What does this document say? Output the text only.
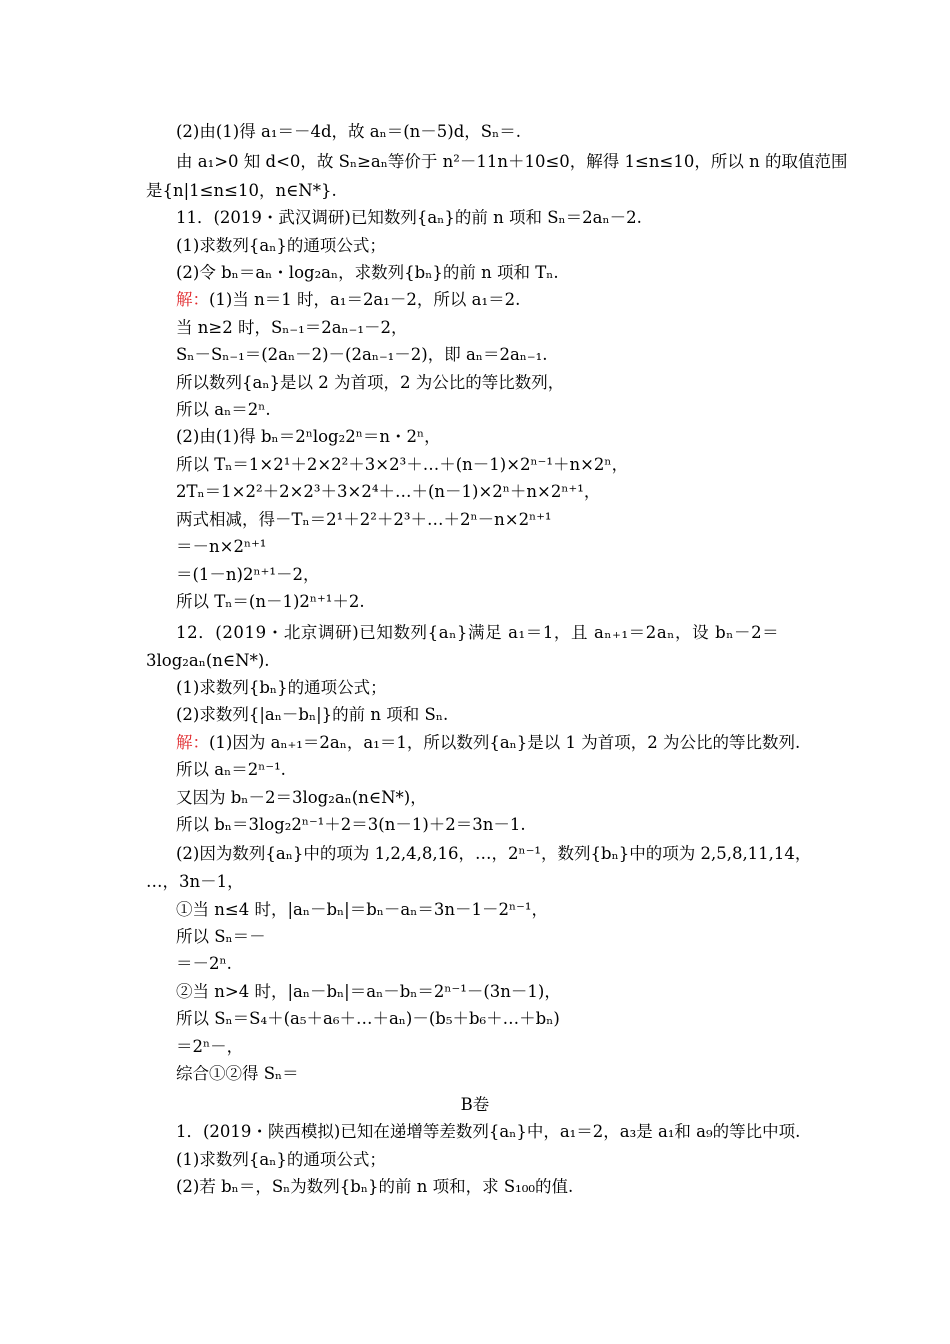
(2)由(1)得 a₁＝－4d，故 aₙ＝(n－5)d，Sₙ＝.
由 a₁>0 知 d<0，故 Sₙ≥aₙ等价于 n²－11n＋10≤0，解得 1≤n≤10，所以 n 的取值范围
是{n|1≤n≤10，n∈N*}.
11．(2019・武汉调研)已知数列{aₙ}的前 n 项和 Sₙ＝2aₙ－2.
(1)求数列{aₙ}的通项公式；
(2)令 bₙ＝aₙ・log₂aₙ，求数列{bₙ}的前 n 项和 Tₙ.
解：(1)当 n＝1 时，a₁＝2a₁－2，所以 a₁＝2.
当 n≥2 时，Sₙ₋₁＝2aₙ₋₁－2，
Sₙ－Sₙ₋₁＝(2aₙ－2)－(2aₙ₋₁－2)，即 aₙ＝2aₙ₋₁.
所以数列{aₙ}是以 2 为首项，2 为公比的等比数列，
所以 aₙ＝2ⁿ.
(2)由(1)得 bₙ＝2ⁿlog₂2ⁿ＝n・2ⁿ，
所以 Tₙ＝1×2¹＋2×2²＋3×2³＋…＋(n－1)×2ⁿ⁻¹＋n×2ⁿ，
2Tₙ＝1×2²＋2×2³＋3×2⁴＋…＋(n－1)×2ⁿ＋n×2ⁿ⁺¹，
两式相减，得－Tₙ＝2¹＋2²＋2³＋…＋2ⁿ－n×2ⁿ⁺¹
＝－n×2ⁿ⁺¹
＝(1－n)2ⁿ⁺¹－2，
所以 Tₙ＝(n－1)2ⁿ⁺¹＋2.
12．(2019・北京调研)已知数列{aₙ}满足 a₁＝1，且 aₙ₊₁＝2aₙ，设 bₙ－2＝
3log₂aₙ(n∈N*).
(1)求数列{bₙ}的通项公式；
(2)求数列{|aₙ－bₙ|}的前 n 项和 Sₙ.
解：(1)因为 aₙ₊₁＝2aₙ，a₁＝1，所以数列{aₙ}是以 1 为首项，2 为公比的等比数列.
所以 aₙ＝2ⁿ⁻¹.
又因为 bₙ－2＝3log₂aₙ(n∈N*)，
所以 bₙ＝3log₂2ⁿ⁻¹＋2＝3(n－1)＋2＝3n－1.
(2)因为数列{aₙ}中的项为 1,2,4,8,16，…，2ⁿ⁻¹，数列{bₙ}中的项为 2,5,8,11,14，
…，3n－1，
①当 n≤4 时，|aₙ－bₙ|＝bₙ－aₙ＝3n－1－2ⁿ⁻¹，
所以 Sₙ＝－
＝－2ⁿ.
②当 n>4 时，|aₙ－bₙ|＝aₙ－bₙ＝2ⁿ⁻¹－(3n－1)，
所以 Sₙ＝S₄＋(a₅＋a₆＋…＋aₙ)－(b₅＋b₆＋…＋bₙ)
＝2ⁿ－，
综合①②得 Sₙ＝
B卷
1．(2019・陕西模拟)已知在递增等差数列{aₙ}中，a₁＝2，a₃是 a₁和 a₉的等比中项.
(1)求数列{aₙ}的通项公式；
(2)若 bₙ＝，Sₙ为数列{bₙ}的前 n 项和，求 S₁₀₀的值.
